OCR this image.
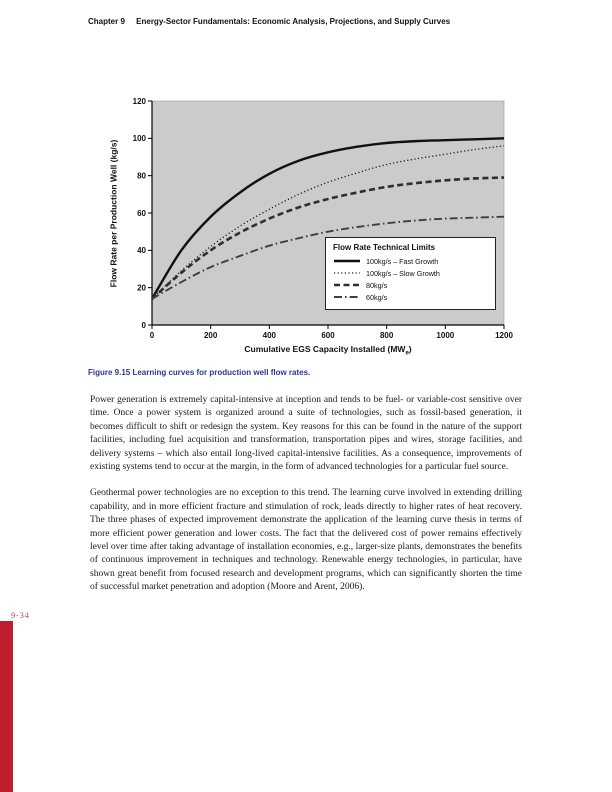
Chapter 9 Energy-Sector Fundamentals: Economic Analysis, Projections, and Supply Curves
0	200	400	600	800	1000	1200
0
20
40
60
80
100
120
Flow Rate per Production Well (kg/s)
Cumulative EGS Capacity Installed $(MW_e)$
Flow Rate Technical Limits
100kg/s – Fast Growth
100kg/s – Slow Growth
80kg/s
60kg/s

Figure 9.15 Learning curves for production well flow rates.

Power generation is extremely capital-intensive at inception and tends to be fuel- or variable-cost sensitive over time. Once a power system is organized around a suite of technologies, such as fossil-based generation, it becomes difficult to shift or redesign the system. Key reasons for this can be found in the nature of the support facilities, including fuel acquisition and transformation, transportation pipes and wires, storage facilities, and delivery systems – which also entail long-lived capital-intensive facilities. As a consequence, improvements of existing systems tend to occur at the margin, in the form of advanced technologies for a particular fuel source.

Geothermal power technologies are no exception to this trend. The learning curve involved in extending drilling capability, and in more efficient fracture and stimulation of rock, leads directly to higher rates of heat recovery. The three phases of expected improvement demonstrate the application of the learning curve thesis in terms of more efficient power generation and lower costs. The fact that the delivered cost of power remains effectively level over time after taking advantage of installation economies, e.g., larger-size plants, demonstrates the benefits of continuous improvement in techniques and technology. Renewable energy technologies, in particular, have shown great benefit from focused research and development programs, which can significantly shorten the time of successful market penetration and adoption (Moore and Arent, 2006).

9-34
